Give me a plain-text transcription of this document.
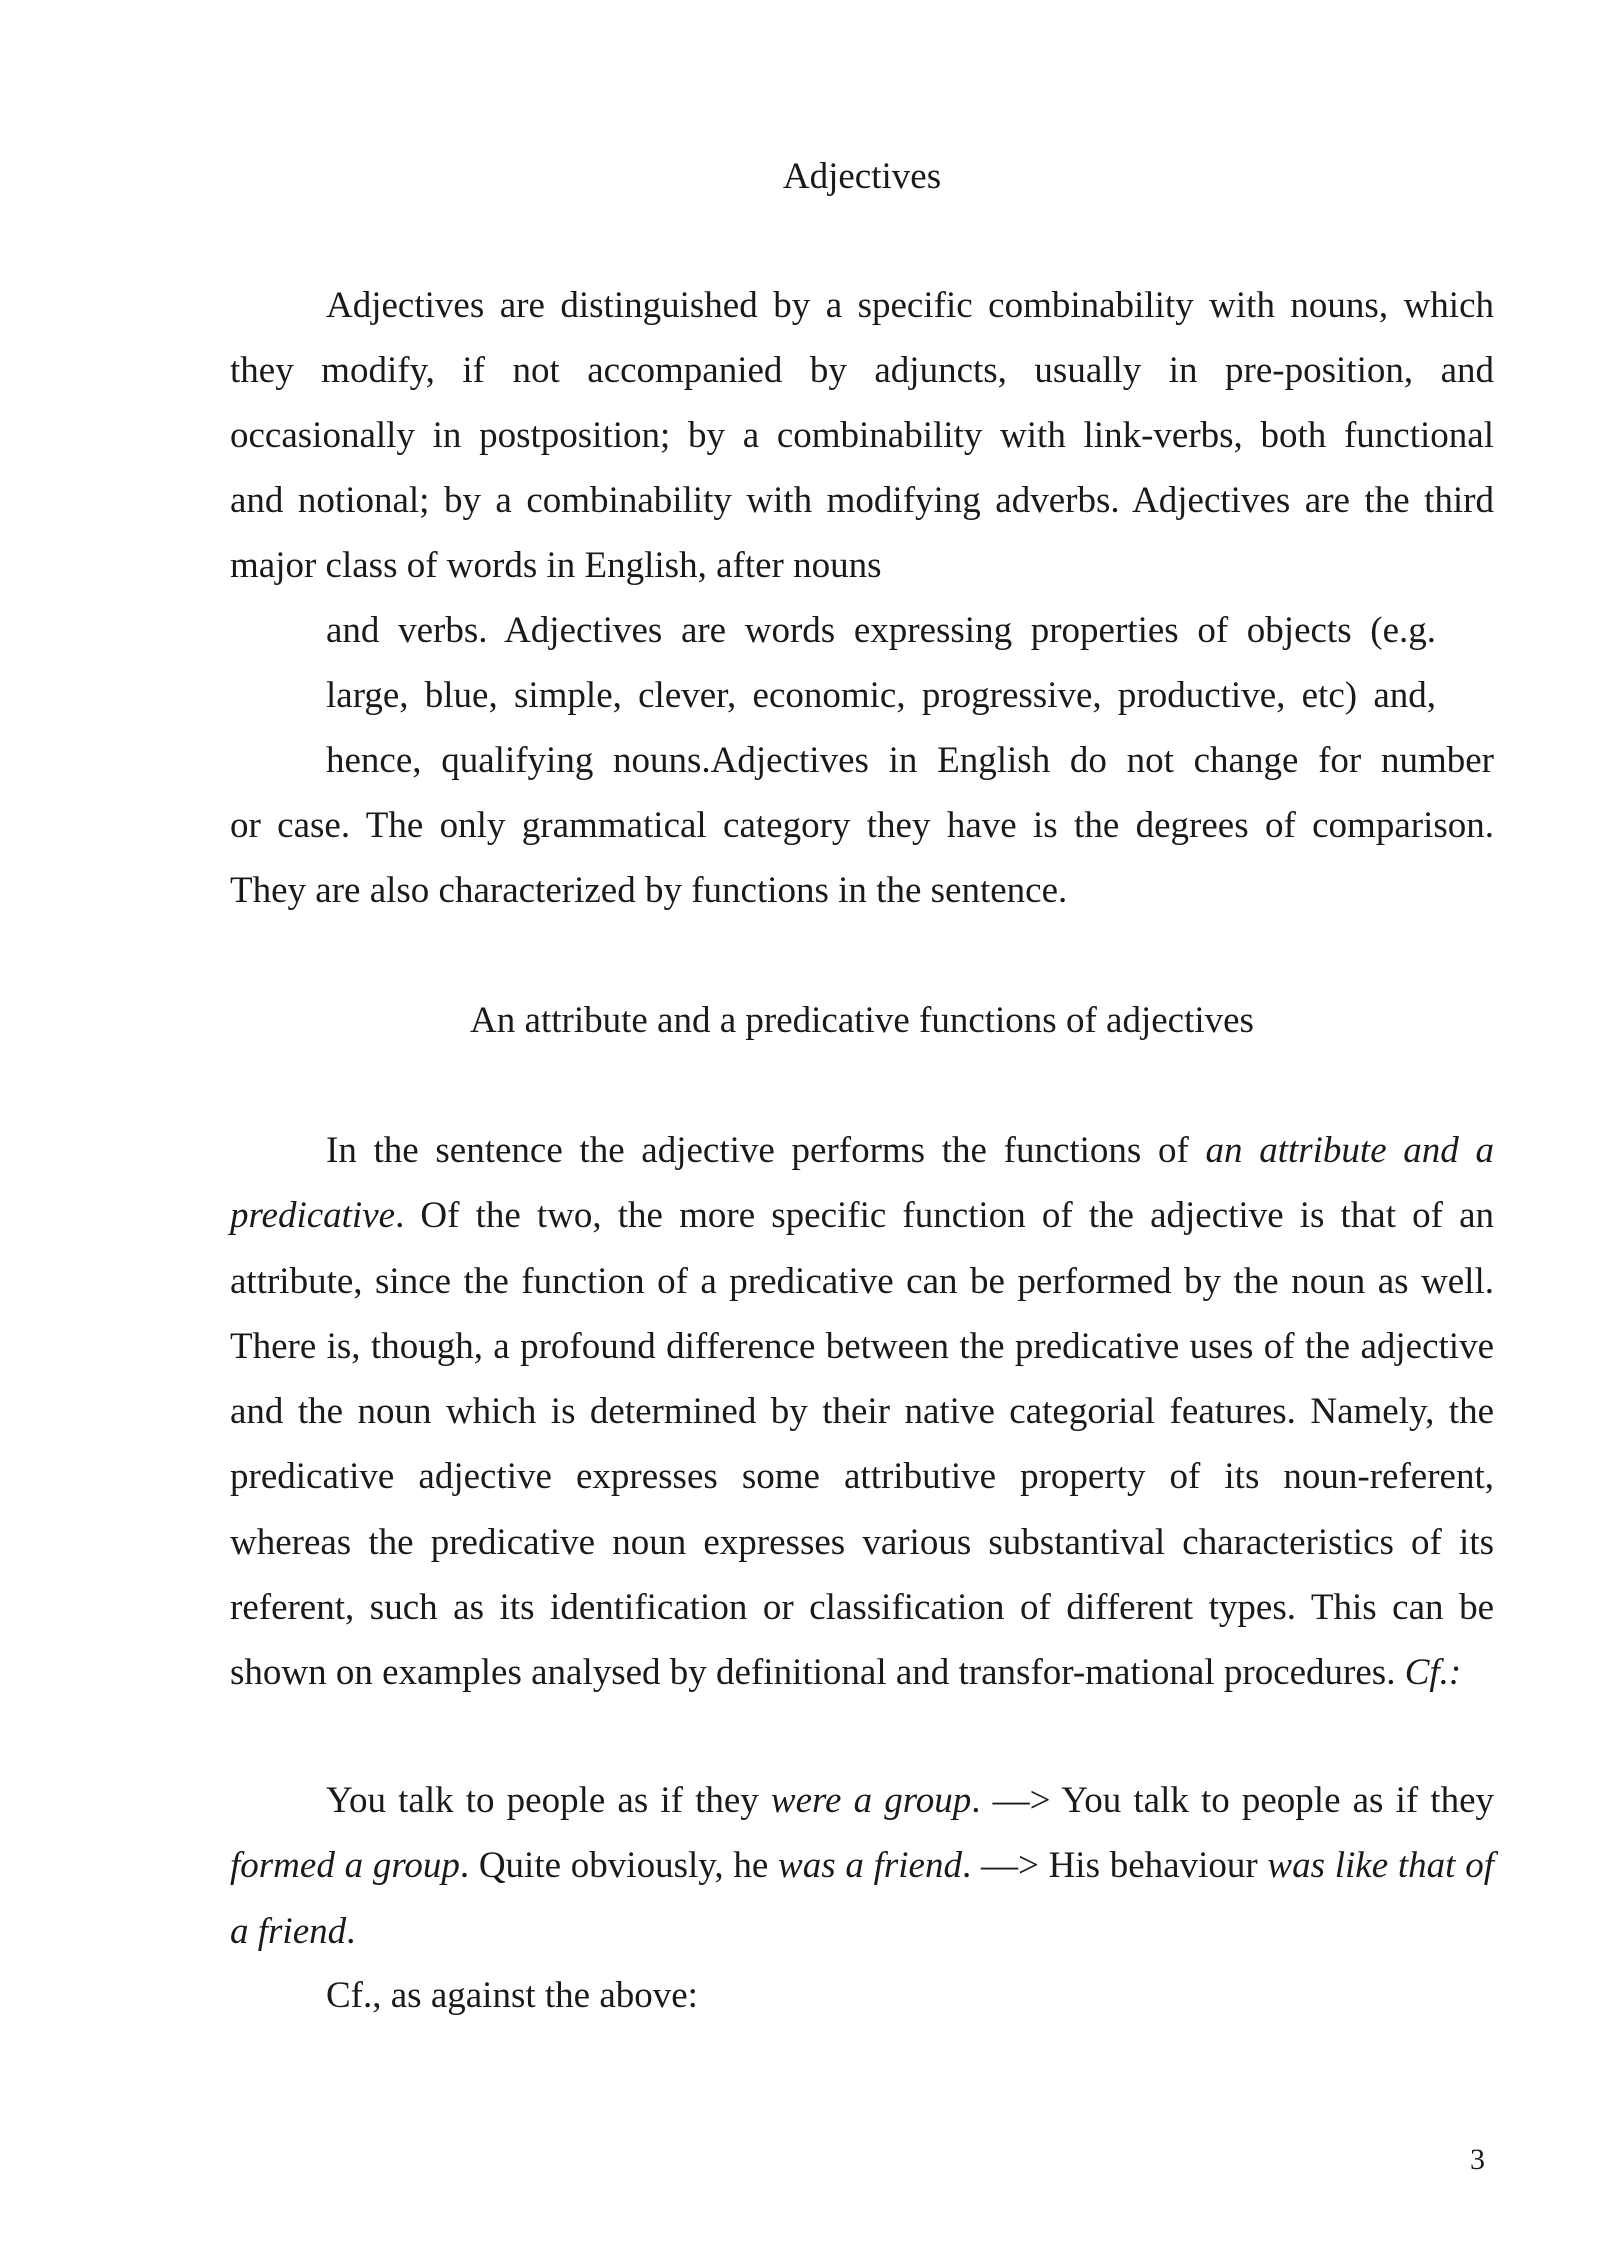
Adjectives
Adjectives are distinguished by a specific combinability with nouns, which
they modify, if not accompanied by adjuncts, usually in pre-position, and
occasionally in postposition; by a combinability with link-verbs, both functional
and notional; by a combinability with modifying adverbs. Adjectives are the third
major class of words in English, after nouns
and verbs. Adjectives are words expressing properties of objects (e.g.
large, blue, simple, clever, economic, progressive, productive, etc) and,
hence, qualifying nouns.Adjectives in English do not change for number
or case. The only grammatical category they have is the degrees of comparison.
They are also characterized by functions in the sentence.
An attribute and a predicative functions of adjectives

In the sentence the adjective performs the functions of an attribute and a predicative. Of the two, the more specific function of the adjective is that of an attribute, since the function of a predicative can be performed by the noun as well. There is, though, a profound difference between the predicative uses of the adjective and the noun which is determined by their native categorial features. Namely, the predicative adjective expresses some attributive property of its noun-referent, whereas the predicative noun expresses various substantival characteristics of its referent, such as its identification or classification of different types. This can be shown on examples analysed by definitional and transfor-mational procedures. Cf.:

You talk to people as if they were a group. —> You talk to people as if they formed a group. Quite obviously, he was a friend. —> His behaviour was like that of a friend.

Cf., as against the above:
3
